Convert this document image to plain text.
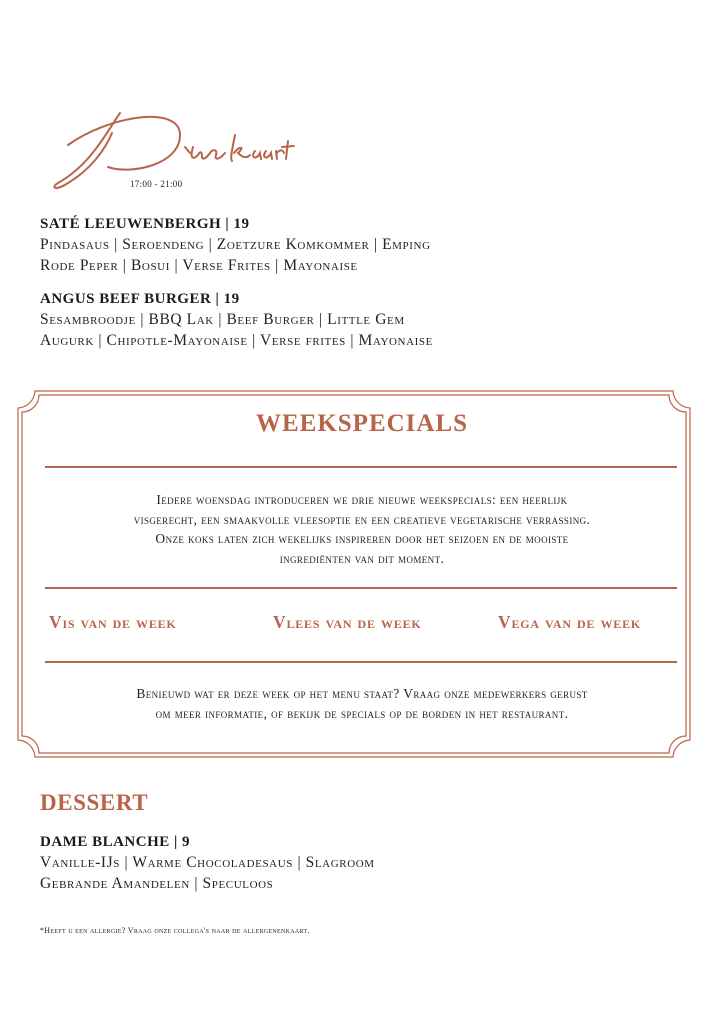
17:00 - 21:00
SATÉ LEEUWENBERGH | 19
Pindasaus | Seroendeng | Zoetzure Komkommer | Emping
Rode Peper | Bosui | Verse Frites | Mayonaise
ANGUS BEEF BURGER | 19
Sesambroodje | BBQ Lak | Beef Burger | Little Gem
Augurk | Chipotle-Mayonaise | Verse frites | Mayonaise
WEEKSPECIALS
Iedere woensdag introduceren we drie nieuwe weekspecials: een heerlijk
visgerecht, een smaakvolle vleesoptie en een creatieve vegetarische verrassing.
Onze koks laten zich wekelijks inspireren door het seizoen en de mooiste
ingrediënten van dit moment.
Vis van de week	Vlees van de week	Vega van de week
Benieuwd wat er deze week op het menu staat? Vraag onze medewerkers gerust
om meer informatie, of bekijk de specials op de borden in het restaurant.
DESSERT
DAME BLANCHE | 9
Vanille-IJs | Warme Chocoladesaus | Slagroom
Gebrande Amandelen | Speculoos
*Heeft u een allergie? Vraag onze collega's naar de allergenenkaart.
